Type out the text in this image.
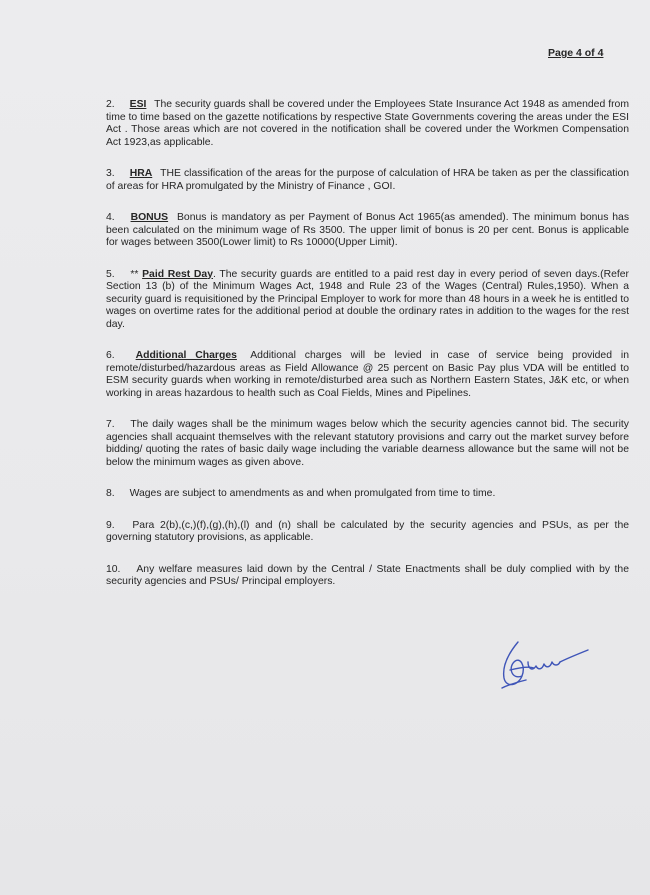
Page 4 of 4

2. ESI The security guards shall be covered under the Employees State Insurance Act 1948 as amended from time to time based on the gazette notifications by respective State Governments covering the areas under the ESI Act . Those areas which are not covered in the notification shall be covered under the Workmen Compensation Act 1923,as applicable.

3. HRA THE classification of the areas for the purpose of calculation of HRA be taken as per the classification of areas for HRA promulgated by the Ministry of Finance , GOI.

4. BONUS Bonus is mandatory as per Payment of Bonus Act 1965(as amended). The minimum bonus has been calculated on the minimum wage of Rs 3500. The upper limit of bonus is 20 per cent. Bonus is applicable for wages between 3500(Lower limit) to Rs 10000(Upper Limit).

5. ** Paid Rest Day. The security guards are entitled to a paid rest day in every period of seven days.(Refer Section 13 (b) of the Minimum Wages Act, 1948 and Rule 23 of the Wages (Central) Rules,1950). When a security guard is requisitioned by the Principal Employer to work for more than 48 hours in a week he is entitled to wages on overtime rates for the additional period at double the ordinary rates in addition to the wages for the rest day.

6. Additional Charges Additional charges will be levied in case of service being provided in remote/disturbed/hazardous areas as Field Allowance @ 25 percent on Basic Pay plus VDA will be entitled to ESM security guards when working in remote/disturbed area such as Northern Eastern States, J&K etc, or when working in areas hazardous to health such as Coal Fields, Mines and Pipelines.

7. The daily wages shall be the minimum wages below which the security agencies cannot bid. The security agencies shall acquaint themselves with the relevant statutory provisions and carry out the market survey before bidding/ quoting the rates of basic daily wage including the variable dearness allowance but the same will not be below the minimum wages as given above.

8. Wages are subject to amendments as and when promulgated from time to time.

9. Para 2(b),(c,)(f),(g),(h),(l) and (n) shall be calculated by the security agencies and PSUs, as per the governing statutory provisions, as applicable.

10. Any welfare measures laid down by the Central / State Enactments shall be duly complied with by the security agencies and PSUs/ Principal employers.
